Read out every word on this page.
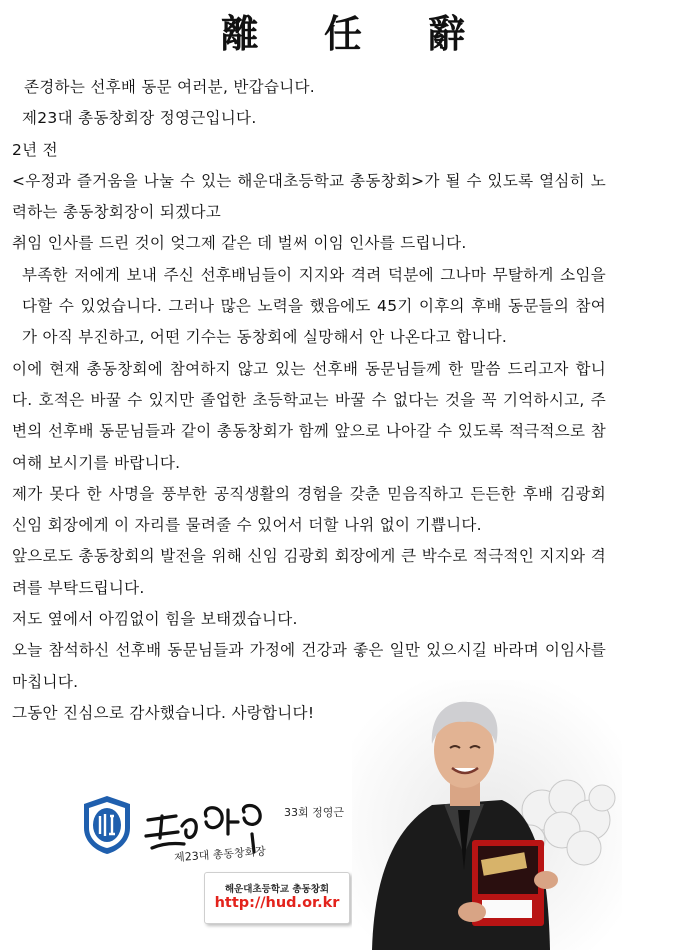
離 任 辭

존경하는 선후배 동문 여러분, 반갑습니다.

제23대 총동창회장 정영근입니다.

2년 전

<우정과 즐거움을 나눌 수 있는 해운대초등학교 총동창회>가 될 수 있도록 열심히 노력하는 총동창회장이 되겠다고

취임 인사를 드린 것이 엊그제 같은 데 벌써 이임 인사를 드립니다.

부족한 저에게 보내 주신 선후배님들이 지지와 격려 덕분에 그나마 무탈하게 소임을 다할 수 있었습니다. 그러나 많은 노력을 했음에도 45기 이후의 후배 동문들의 참여가 아직 부진하고, 어떤 기수는 동창회에 실망해서 안 나온다고 합니다.

이에 현재 총동창회에 참여하지 않고 있는 선후배 동문님들께 한 말씀 드리고자 합니다. 호적은 바꿀 수 있지만 졸업한 초등학교는 바꿀 수 없다는 것을 꼭 기억하시고, 주변의 선후배 동문님들과 같이 총동창회가 함께 앞으로 나아갈 수 있도록 적극적으로 참여해 보시기를 바랍니다.

제가 못다 한 사명을 풍부한 공직생활의 경험을 갖춘 믿음직하고 든든한 후배 김광회 신임 회장에게 이 자리를 물려줄 수 있어서 더할 나위 없이 기쁩니다.

앞으로도 총동창회의 발전을 위해 신임 김광회 회장에게 큰 박수로 적극적인 지지와 격려를 부탁드립니다.

저도 옆에서 아낌없이 힘을 보태겠습니다.

오늘 참석하신 선후배 동문님들과 가정에 건강과 좋은 일만 있으시길 바라며 이임사를 마칩니다.

그동안 진심으로 감사했습니다. 사랑합니다!

33회 정영근
제23대 총동창회장
해운대초등학교 총동창회
http://hud.or.kr
